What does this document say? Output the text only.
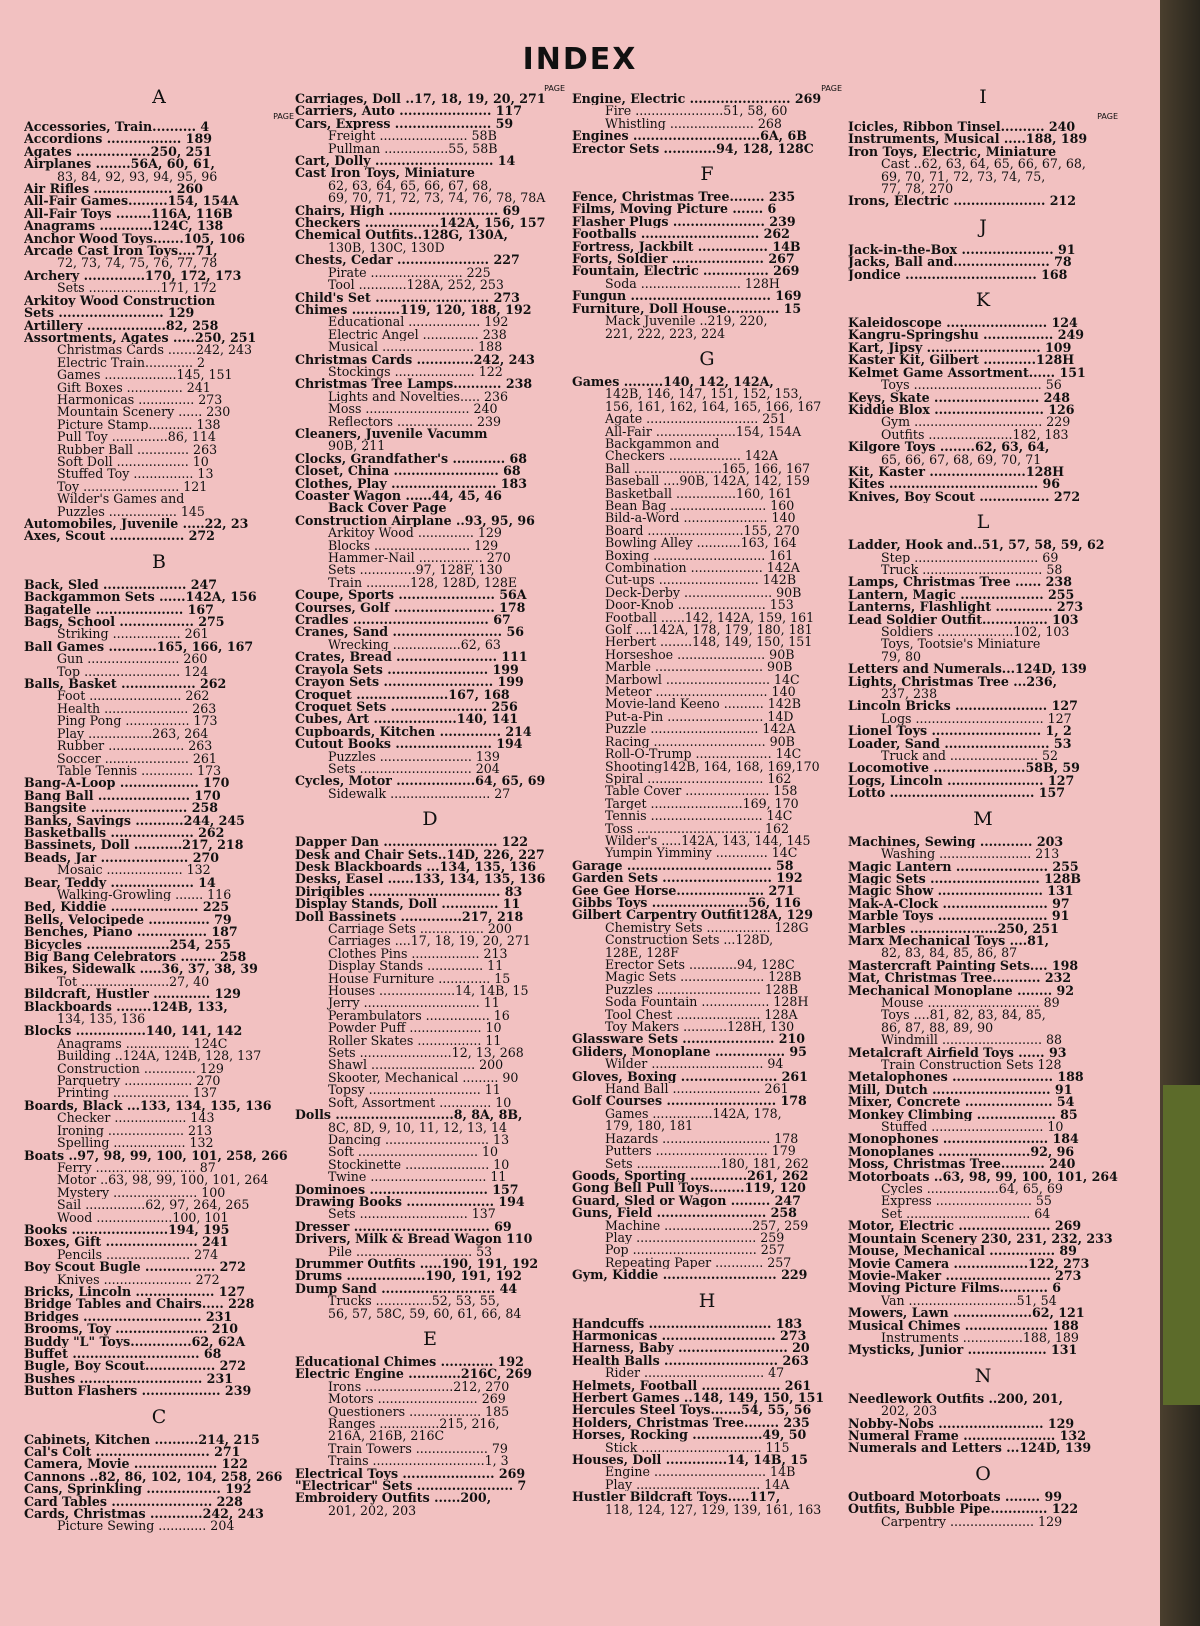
INDEX
A
PAGE
Accessories, Train.......... 4
Accordions ................. 189
Agates .................250, 251
Airplanes ........56A, 60, 61,
83, 84, 92, 93, 94, 95, 96
Air Rifles .................. 260
All-Fair Games.........154, 154A
All-Fair Toys ........116A, 116B
Anagrams ............124C, 138
Anchor Wood Toys.......105, 106
Arcade Cast Iron Toys....71,
72, 73, 74, 75, 76, 77, 78
Archery ..............170, 172, 173
Sets ..................171, 172
Arkitoy Wood Construction
Sets ........................ 129
Artillery ..................82, 258
Assortments, Agates .....250, 251
Christmas Cards .......242, 243
Electric Train............ 2
Games ..................145, 151
Gift Boxes .............. 241
Harmonicas .............. 273
Mountain Scenery ...... 230
Picture Stamp........... 138
Pull Toy ..............86, 114
Rubber Ball ............. 263
Soft Doll .................. 10
Stuffed Toy ............... 13
Toy ........................ 121
Wilder's Games and
Puzzles ................. 145
Automobiles, Juvenile .....22, 23
Axes, Scout ................. 272
B
Back, Sled ................... 247
Backgammon Sets ......142A, 156
Bagatelle .................... 167
Bags, School ................. 275
Striking ................. 261
Ball Games ...........165, 166, 167
Gun ....................... 260
Top ........................ 124
Balls, Basket ................. 262
Foot ....................... 262
Health ..................... 263
Ping Pong ................ 173
Play ................263, 264
Rubber ................... 263
Soccer ..................... 261
Table Tennis ............. 173
Bang-A-Loop .................. 170
Bang Ball ..................... 170
Bangsite ...................... 258
Banks, Savings ...........244, 245
Basketballs ................... 262
Bassinets, Doll ...........217, 218
Beads, Jar .................... 270
Mosaic ................... 132
Bear, Teddy ................... 14
Walking-Growling ....... 116
Bed, Kiddie .................... 225
Bells, Velocipede .............. 79
Benches, Piano ................ 187
Bicycles ...................254, 255
Big Bang Celebrators ........ 258
Bikes, Sidewalk .....36, 37, 38, 39
Tot ......................27, 40
Bildcraft, Hustler ............. 129
Blackboards ........124B, 133,
134, 135, 136
Blocks ................140, 141, 142
Anagrams ................ 124C
Building ..124A, 124B, 128, 137
Construction ............. 129
Parquetry ................. 270
Printing ................... 137
Boards, Black ...133, 134, 135, 136
Checker .................. 143
Ironing ................... 213
Spelling .................. 132
Boats ..97, 98, 99, 100, 101, 258, 266
Ferry ......................... 87
Motor ..63, 98, 99, 100, 101, 264
Mystery ..................... 100
Sail ...............62, 97, 264, 265
Wood ...................100, 101
Books ......................194, 195
Boxes, Gift ..................... 241
Pencils ..................... 274
Boy Scout Bugle ................ 272
Knives ...................... 272
Bricks, Lincoln .................. 127
Bridge Tables and Chairs..... 228
Bridges ........................... 231
Brooms, Toy ..................... 210
Buddy "L" Toys..............62, 62A
Buffet ............................. 68
Bugle, Boy Scout................ 272
Bushes ............................ 231
Button Flashers .................. 239
C
Cabinets, Kitchen ..........214, 215
Cal's Colt .......................... 271
Camera, Movie ................... 122
Cannons ..82, 86, 102, 104, 258, 266
Cans, Sprinkling ................. 192
Card Tables ....................... 228
Cards, Christmas ............242, 243
Picture Sewing ............ 204
PAGE
Carriages, Doll ..17, 18, 19, 20, 271
Carriers, Auto ..................... 117
Cars, Express ...................... 59
Freight ...................... 58B
Pullman ................55, 58B
Cart, Dolly ........................... 14
Cast Iron Toys, Miniature
62, 63, 64, 65, 66, 67, 68,
69, 70, 71, 72, 73, 74, 76, 78, 78A
Chairs, High ......................... 69
Checkers .................142A, 156, 157
Chemical Outfits..128G, 130A,
130B, 130C, 130D
Chests, Cedar ..................... 227
Pirate ....................... 225
Tool ............128A, 252, 253
Child's Set .......................... 273
Chimes ...........119, 120, 188, 192
Educational .................. 192
Electric Angel .............. 238
Musical ....................... 188
Christmas Cards .............242, 243
Stockings .................... 122
Christmas Tree Lamps........... 238
Lights and Novelties..... 236
Moss .......................... 240
Reflectors ................... 239
Cleaners, Juvenile Vacumm
90B, 211
Clocks, Grandfather's ............ 68
Closet, China ........................ 68
Clothes, Play ........................ 183
Coaster Wagon ......44, 45, 46
Back Cover Page
Construction Airplane ..93, 95, 96
Arkitoy Wood .............. 129
Blocks ........................ 129
Hammer-Nail ................ 270
Sets ..............97, 128F, 130
Train ...........128, 128D, 128E
Coupe, Sports ...................... 56A
Courses, Golf ....................... 178
Cradles ............................... 67
Cranes, Sand ......................... 56
Wrecking .................62, 63
Crates, Bread ....................... 111
Crayola Sets ....................... 199
Crayon Sets ......................... 199
Croquet .....................167, 168
Croquet Sets ...................... 256
Cubes, Art ...................140, 141
Cupboards, Kitchen .............. 214
Cutout Books ...................... 194
Puzzles ....................... 139
Sets ............................ 204
Cycles, Motor ..................64, 65, 69
Sidewalk ......................... 27
D
Dapper Dan .......................... 122
Desk and Chair Sets..14D, 226, 227
Desk Blackboards ...134, 135, 136
Desks, Easel ......133, 134, 135, 136
Dirigibles .............................. 83
Display Stands, Doll ............. 11
Doll Bassinets ..............217, 218
Carriage Sets ................ 200
Carriages ....17, 18, 19, 20, 271
Clothes Pins ................. 213
Display Stands .............. 11
House Furniture ............. 15
Houses ...................14, 14B, 15
Jerry ............................. 11
Perambulators ................ 16
Powder Puff .................. 10
Roller Skates ................ 11
Sets .......................12, 13, 268
Shawl .......................... 200
Skooter, Mechanical ......... 90
Topsy ............................ 11
Soft, Assortment ............. 10
Dolls ...........................8, 8A, 8B,
8C, 8D, 9, 10, 11, 12, 13, 14
Dancing .......................... 13
Soft .............................. 10
Stockinette ..................... 10
Twine ............................. 11
Dominoes ........................... 157
Drawing Books .................... 194
Sets ........................... 137
Dresser ............................... 69
Drivers, Milk & Bread Wagon 110
Pile ............................. 53
Drummer Outfits .....190, 191, 192
Drums ..................190, 191, 192
Dump Sand .......................... 44
Trucks ..............52, 53, 55,
56, 57, 58C, 59, 60, 61, 66, 84
E
Educational Chimes ............ 192
Electric Engine ............216C, 269
Irons ......................212, 270
Motors ......................... 269
Questioners .................. 185
Ranges ...............215, 216,
216A, 216B, 216C
Train Towers .................. 79
Trains ............................1, 3
Electrical Toys ..................... 269
"Electricar" Sets ...................... 7
Embroidery Outfits ......200,
201, 202, 203
PAGE
Engine, Electric ....................... 269
Fire ......................51, 58, 60
Whistling ..................... 268
Engines .............................6A, 6B
Erector Sets ............94, 128, 128C
F
Fence, Christmas Tree........ 235
Films, Moving Picture ....... 6
Flasher Plugs ..................... 239
Footballs ........................... 262
Fortress, Jackbilt ................ 14B
Forts, Soldier ..................... 267
Fountain, Electric ............... 269
Soda ......................... 128H
Fungun ................................ 169
Furniture, Doll House............ 15
Mack Juvenile ..219, 220,
221, 222, 223, 224
G
Games .........140, 142, 142A,
142B, 146, 147, 151, 152, 153,
156, 161, 162, 164, 165, 166, 167
Agate ............................ 251
All-Fair ....................154, 154A
Backgammon and
Checkers .................. 142A
Ball ......................165, 166, 167
Baseball ....90B, 142A, 142, 159
Basketball ...............160, 161
Bean Bag ........................ 160
Bild-a-Word ..................... 140
Board ........................155, 270
Bowling Alley ...........163, 164
Boxing ............................ 161
Combination .................. 142A
Cut-ups ......................... 142B
Deck-Derby ...................... 90B
Door-Knob ...................... 153
Football ......142, 142A, 159, 161
Golf ....142A, 178, 179, 180, 181
Herbert ........148, 149, 150, 151
Horseshoe ...................... 90B
Marble ........................... 90B
Marbowl .......................... 14C
Meteor ............................ 140
Movie-land Keeno .......... 142B
Put-a-Pin ........................ 14D
Puzzle ........................... 142A
Racing ............................ 90B
Roll-O-Trump ................... 14C
Shooting142B, 164, 168, 169,170
Spiral ............................. 162
Table Cover ..................... 158
Target .......................169, 170
Tennis ............................ 14C
Toss ............................... 162
Wilder's .....142A, 143, 144, 145
Yumpin Yimminy ............. 14C
Garage ................................. 58
Garden Sets ......................... 192
Gee Gee Horse.................... 271
Gibbs Toys ......................56, 116
Gilbert Carpentry Outfit128A, 129
Chemistry Sets ................ 128G
Construction Sets ...128D,
128E, 128F
Erector Sets ............94, 128C
Magic Sets ..................... 128B
Puzzles .......................... 128B
Soda Fountain ................. 128H
Tool Chest ..................... 128A
Toy Makers ...........128H, 130
Glassware Sets ..................... 210
Gliders, Monoplane ................ 95
Wilder ............................ 94
Gloves, Boxing ...................... 261
Hand Ball ...................... 261
Golf Courses ......................... 178
Games ...............142A, 178,
179, 180, 181
Hazards ........................... 178
Putters ............................ 179
Sets .....................180, 181, 262
Goods, Sporting .............261, 262
Gong Bell Pull Toys........119, 120
Guard, Sled or Wagon ......... 247
Guns, Field ......................... 258
Machine ......................257, 259
Play .............................. 259
Pop ............................... 257
Repeating Paper ............ 257
Gym, Kiddie .......................... 229
H
Handcuffs ............................ 183
Harmonicas .......................... 273
Harness, Baby ......................... 20
Health Balls .......................... 263
Rider .............................. 47
Helmets, Football .................. 261
Herbert Games ..148, 149, 150, 151
Hercules Steel Toys.......54, 55, 56
Holders, Christmas Tree........ 235
Horses, Rocking ................49, 50
Stick .............................. 115
Houses, Doll ..............14, 14B, 15
Engine ............................ 14B
Play ............................... 14A
Hustler Bildcraft Toys.....117,
118, 124, 127, 129, 139, 161, 163
I
PAGE
Icicles, Ribbon Tinsel.......... 240
Instruments, Musical .....188, 189
Iron Toys, Electric, Miniature
Cast ..62, 63, 64, 65, 66, 67, 68,
69, 70, 71, 72, 73, 74, 75,
77, 78, 270
Irons, Electric ..................... 212
J
Jack-in-the-Box ..................... 91
Jacks, Ball and...................... 78
Jondice .............................. 168
K
Kaleidoscope ....................... 124
Kangru-Springshu ................ 249
Kart, Jipsy .......................... 109
Kaster Kit, Gilbert ............128H
Kelmet Game Assortment...... 151
Toys ................................ 56
Keys, Skate ........................ 248
Kiddie Blox ......................... 126
Gym ................................ 229
Outfits .....................182, 183
Kilgore Toys ........62, 63, 64,
65, 66, 67, 68, 69, 70, 71
Kit, Kaster ......................128H
Kites .................................. 96
Knives, Boy Scout ................ 272
L
Ladder, Hook and..51, 57, 58, 59, 62
Step ............................... 69
Truck .............................. 58
Lamps, Christmas Tree ...... 238
Lantern, Magic ................... 255
Lanterns, Flashlight ............. 273
Lead Soldier Outfit............... 103
Soldiers ...................102, 103
Toys, Tootsie's Miniature
79, 80
Letters and Numerals...124D, 139
Lights, Christmas Tree ...236,
237, 238
Lincoln Bricks ..................... 127
Logs ................................ 127
Lionel Toys ......................... 1, 2
Loader, Sand ........................ 53
Truck and ...................... 52
Locomotive .....................58B, 59
Logs, Lincoln ...................... 127
Lotto ................................. 157
M
Machines, Sewing ............ 203
Washing ....................... 213
Magic Lantern ..................... 255
Magic Sets ......................... 128B
Magic Show ........................ 131
Mak-A-Clock ........................ 97
Marble Toys ......................... 91
Marbles ....................250, 251
Marx Mechanical Toys ....81,
82, 83, 84, 85, 86, 87
Mastercraft Painting Sets.... 198
Mat, Christmas Tree........... 232
Mechanical Monoplane ........ 92
Mouse ............................ 89
Toys ....81, 82, 83, 84, 85,
86, 87, 88, 89, 90
Windmill ......................... 88
Metalcraft Airfield Toys ...... 93
Train Construction Sets 128
Metalophones ....................... 188
Mill, Dutch ........................... 91
Mixer, Concrete .................... 54
Monkey Climbing .................. 85
Stuffed ............................ 10
Monophones ........................ 184
Monoplanes .....................92, 96
Moss, Christmas Tree.......... 240
Motorboats ..63, 98, 99, 100, 101, 264
Cycles ..................64, 65, 69
Express ........................ 55
Set ............................... 64
Motor, Electric ..................... 269
Mountain Scenery 230, 231, 232, 233
Mouse, Mechanical ............... 89
Movie Camera .................122, 273
Movie-Maker ........................ 273
Moving Picture Films........... 6
Van ...........................51, 54
Mowers, Lawn ..................62, 121
Musical Chimes ................... 188
Instruments ...............188, 189
Mysticks, Junior .................. 131
N
Needlework Outfits ..200, 201,
202, 203
Nobby-Nobs ........................ 129
Numeral Frame ..................... 132
Numerals and Letters ...124D, 139
O
Outboard Motorboats ........ 99
Outfits, Bubble Pipe............. 122
Carpentry ..................... 129
